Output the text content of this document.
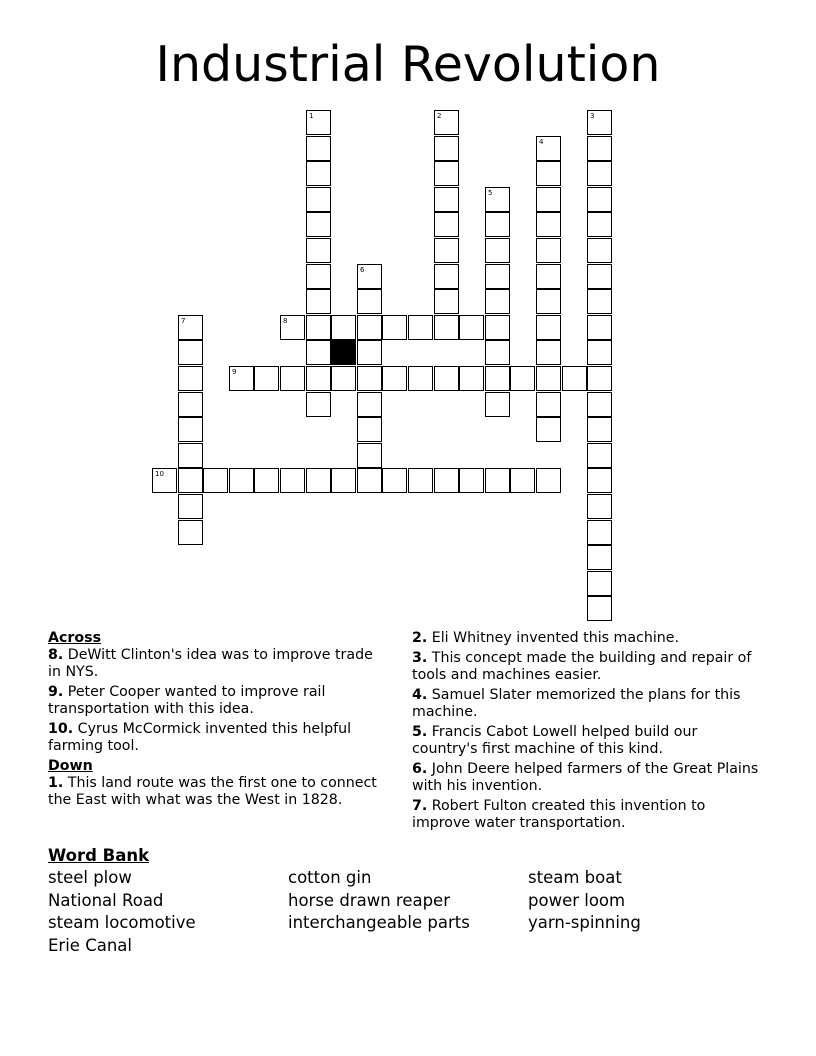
Industrial Revolution
8
9
10
1	2	3
4
5
6
7

Across

8. DeWitt Clinton's idea was to improve trade in NYS.
9. Peter Cooper wanted to improve rail transportation with this idea.
10. Cyrus McCormick invented this helpful farming tool.

Down

1. This land route was the first one to connect the East with what was the West in 1828.
2. Eli Whitney invented this machine.
3. This concept made the building and repair of tools and machines easier.
4. Samuel Slater memorized the plans for this machine.
5. Francis Cabot Lowell helped build our country's first machine of this kind.
6. John Deere helped farmers of the Great Plains with his invention.
7. Robert Fulton created this invention to improve water transportation.

Word Bank

steel plow	cotton gin	steam boat
National Road	horse drawn reaper	power loom
steam locomotive	interchangeable parts	yarn-spinning
Erie Canal
